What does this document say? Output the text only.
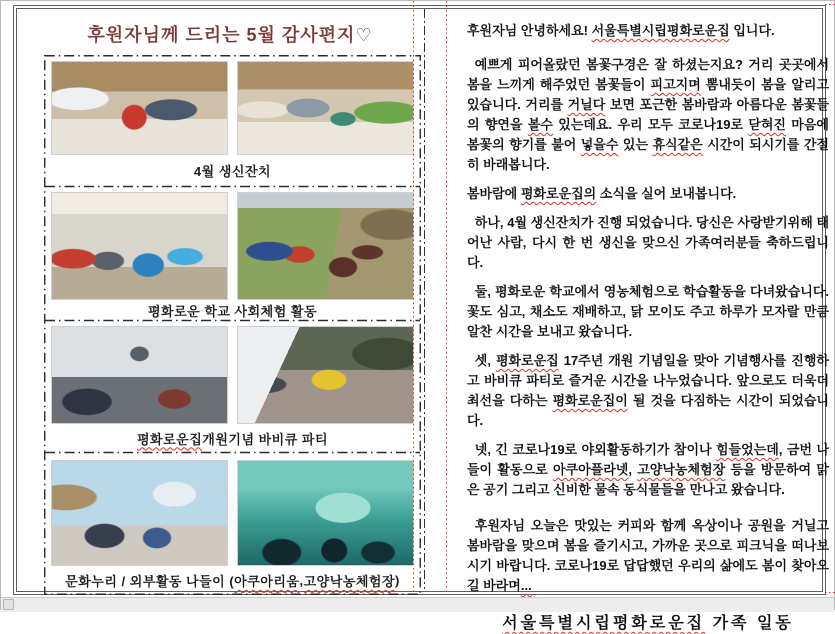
후원자님께 드리는 5월 감사편지♡
4월 생신잔치
평화로운 학교 사회체험 활동
평화로운집 개원기념 바비큐 파티
문화누리 / 외부활동 나들이 ( 아쿠아리움 , 고양낙농체험장 )

후원자님 안녕하세요! 서울특별시립평화로운집 입니다.

예쁘게 피어올랐던 봄꽃구경은 잘 하셨는지요? 거리 곳곳에서 봄을 느끼게 해주었던 봄꽃들이 피고지며 뽐내듯이 봄을 알리고 있습니다. 거리를 거닐다 보면 포근한 봄바람과 아름다운 봄꽃들의 향연을 볼수 있는데요. 우리 모두 코로나19로 닫혀진 마음에 봄꽃의 향기를 불어 넣을수 있는 휴식같은 시간이 되시기를 간절히 바래봅니다.

봄바람에 평화로운집의 소식을 실어 보내봅니다.

하나, 4월 생신잔치가 진행 되었습니다. 당신은 사랑받기위해 태어난 사람, 다시 한 번 생신을 맞으신 가족여러분들 축하드립니다.

둘, 평화로운 학교에서 영농체험으로 학습활동을 다녀왔습니다. 꽃도 심고, 채소도 재배하고, 닭 모이도 주고 하루가 모자랄 만큼 알찬 시간을 보내고 왔습니다.

셋, 평화로운집 17주년 개원 기념일을 맞아 기념행사를 진행하고 바비큐 파티로 즐거운 시간을 나누었습니다. 앞으로도 더욱더 최선을 다하는 평화로운집이 될 것을 다짐하는 시간이 되었습니다.

넷, 긴 코로나19로 야외활동하기가 참이나 힘들었는데, 금번 나들이 활동으로 아쿠아플라넷, 고양낙농체험장 등을 방문하여 맑은 공기 그리고 신비한 물속 동식물들을 만나고 왔습니다.

후원자님 오늘은 맛있는 커피와 함께 옥상이나 공원을 거닐고 봄바람을 맞으며 봄을 즐기시고, 가까운 곳으로 피크닉을 떠나보시기 바랍니다. 코로나19로 답답했던 우리의 삶에도 봄이 찾아오길 바라며...

서울특별시립평화로운집 가족 일동
